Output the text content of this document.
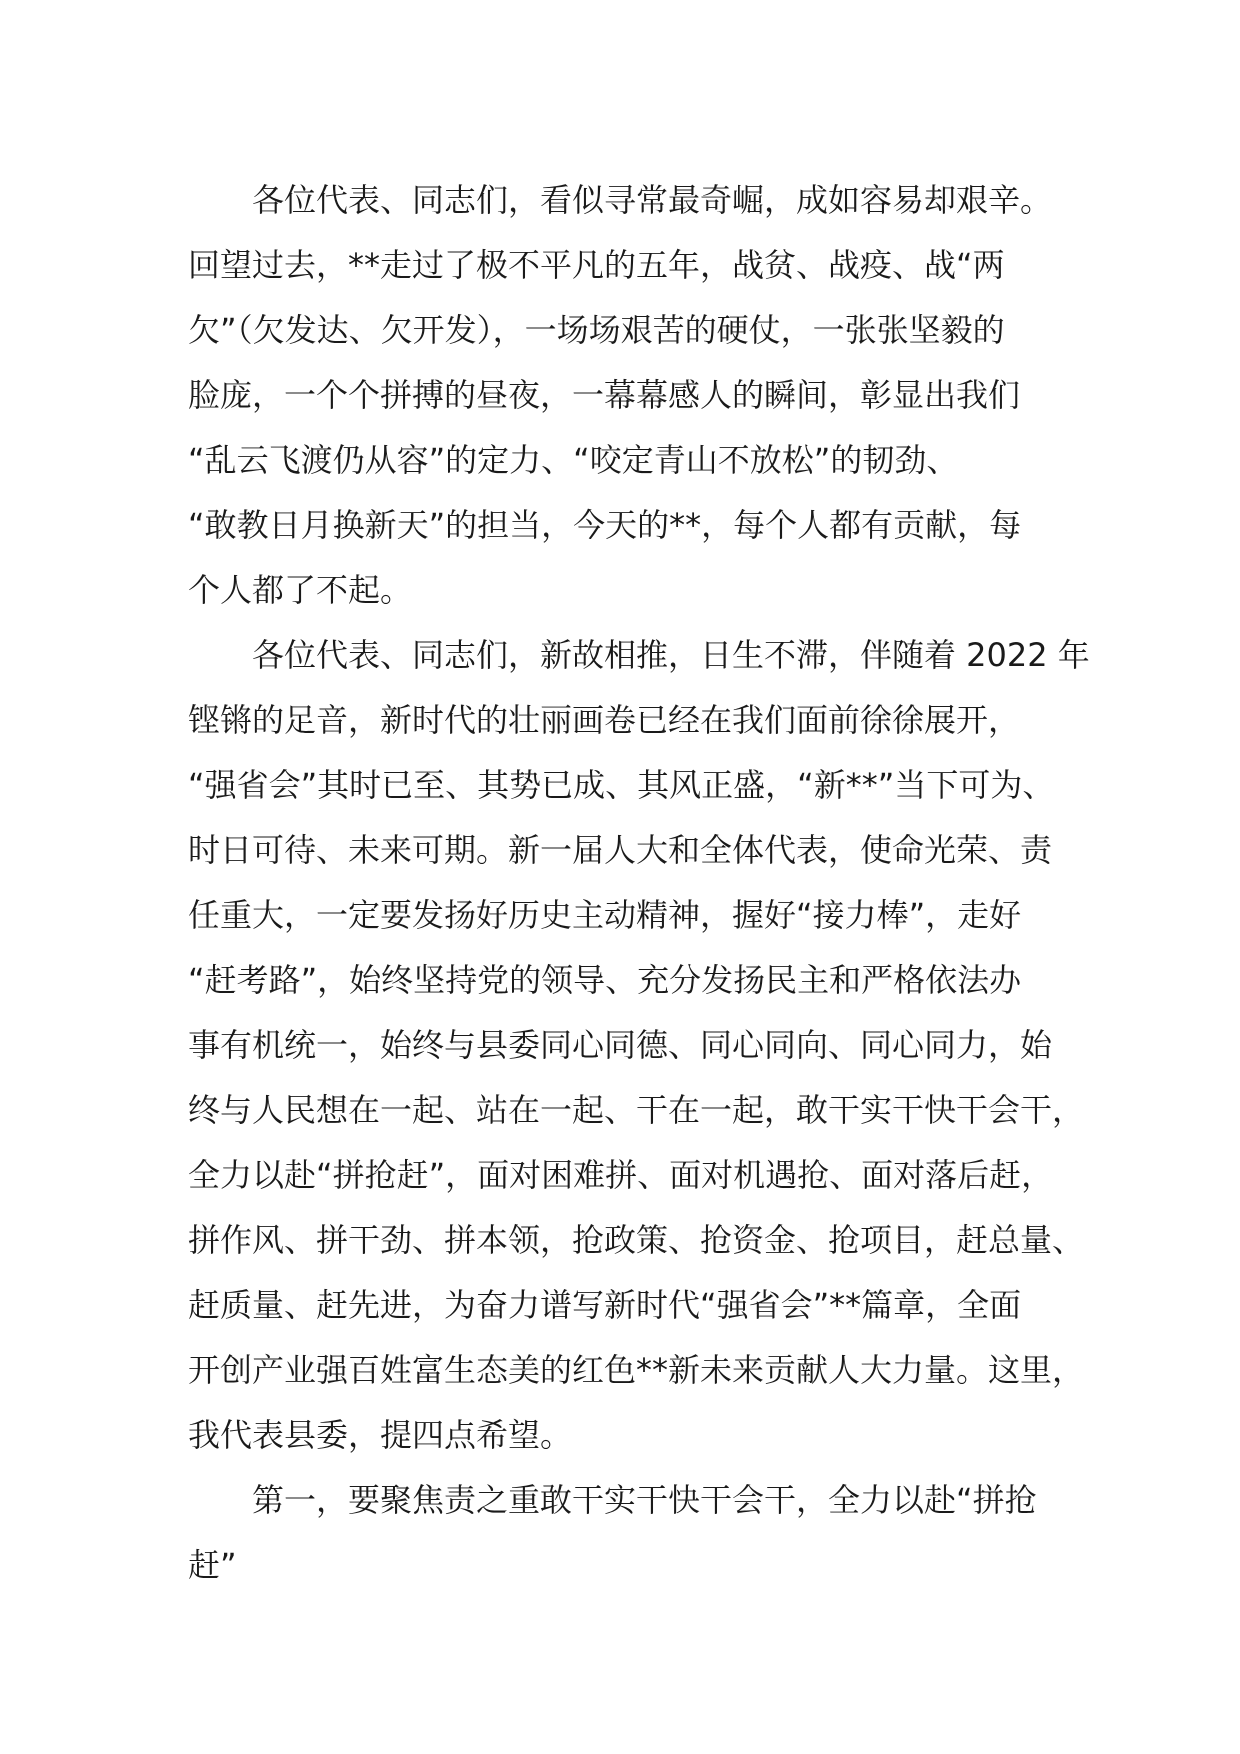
　　各位代表、同志们，看似寻常最奇崛，成如容易却艰辛。
回望过去，**走过了极不平凡的五年，战贫、战疫、战“两
欠”（欠发达、欠开发），一场场艰苦的硬仗，一张张坚毅的
脸庞，一个个拼搏的昼夜，一幕幕感人的瞬间，彰显出我们
“乱云飞渡仍从容”的定力、“咬定青山不放松”的韧劲、
“敢教日月换新天”的担当，今天的**，每个人都有贡献，每
个人都了不起。
　　各位代表、同志们，新故相推，日生不滞，伴随着 2022 年
铿锵的足音，新时代的壮丽画卷已经在我们面前徐徐展开，
“强省会”其时已至、其势已成、其风正盛，“新**”当下可为、
时日可待、未来可期。新一届人大和全体代表，使命光荣、责
任重大，一定要发扬好历史主动精神，握好“接力棒”，走好
“赶考路”，始终坚持党的领导、充分发扬民主和严格依法办
事有机统一，始终与县委同心同德、同心同向、同心同力，始
终与人民想在一起、站在一起、干在一起，敢干实干快干会干，
全力以赴“拼抢赶”，面对困难拼、面对机遇抢、面对落后赶，
拼作风、拼干劲、拼本领，抢政策、抢资金、抢项目，赶总量、
赶质量、赶先进，为奋力谱写新时代“强省会”**篇章，全面
开创产业强百姓富生态美的红色**新未来贡献人大力量。这里，
我代表县委，提四点希望。
　　第一，要聚焦责之重敢干实干快干会干，全力以赴“拼抢
赶”
